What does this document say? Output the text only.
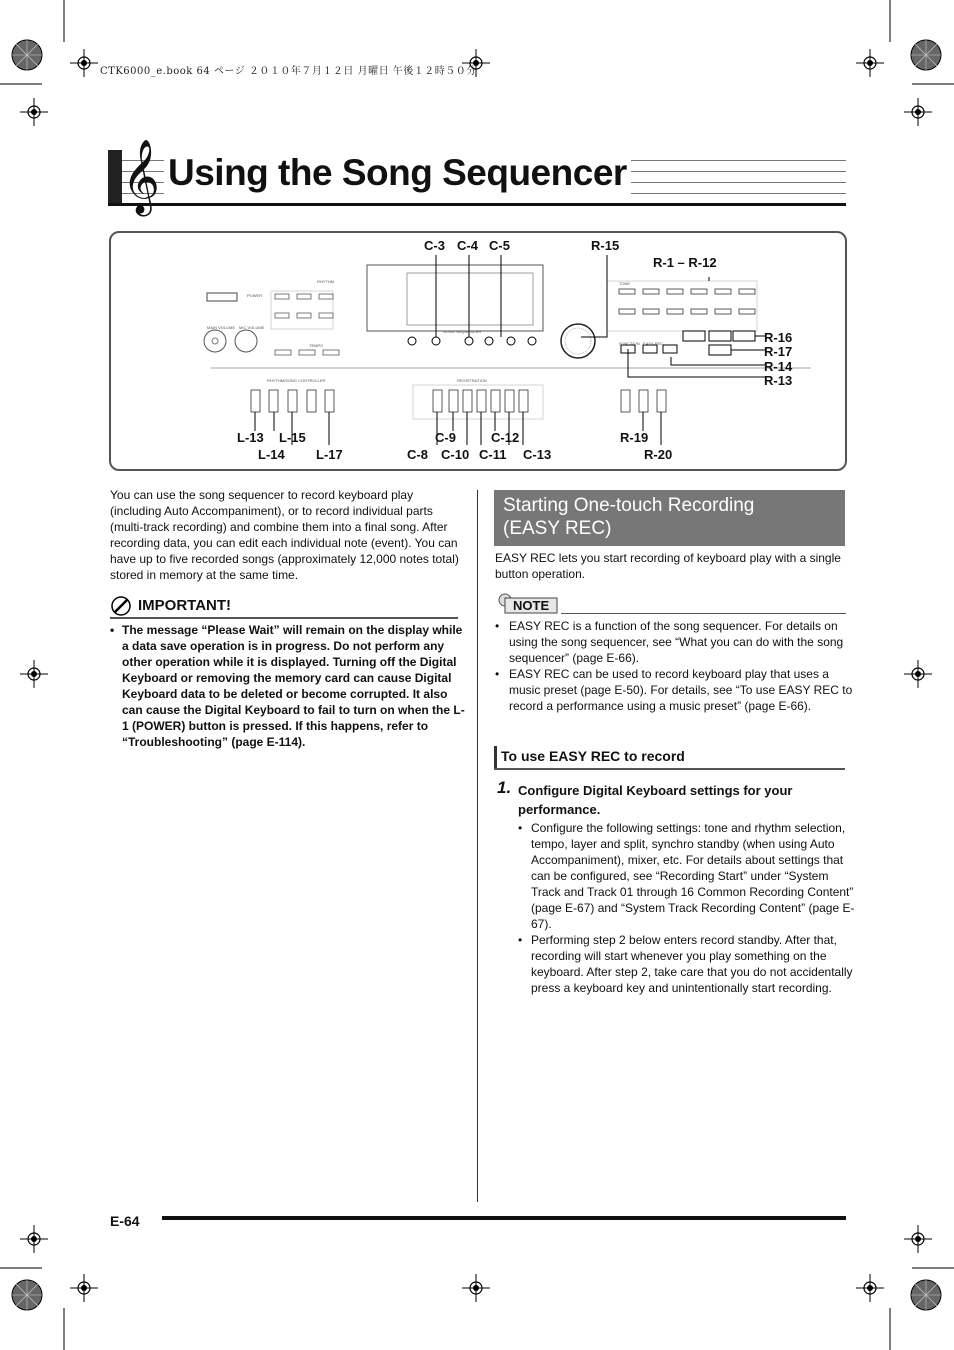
CTK6000_e.book 64 ページ ２０１０年７月１２日 月曜日 午後１２時５０分
𝄞 Using the Song Sequencer
POWER
RHYTHM	TONE
REGISTRATION
RHYTHM/SONG CONTROLLER
TEMPO
MAIN VOLUME MIC VOLUME
SONG SEQUENCER
FUNCTION EASY REC
C-3 C-4 C-5	R-15
R-1 – R-12
R-16
R-17
R-14
R-13
L-13 L-15
L-14 L-17
C-9	C-12
C-8 C-10 C-11 C-13
R-19
R-20
You can use the song sequencer to record keyboard play (including Auto Accompaniment), or to record individual parts (multi-track recording) and combine them into a final song. After recording data, you can edit each individual note (event). You can have up to five recorded songs (approximately 12,000 notes total) stored in memory at the same time.
IMPORTANT!
• The message “Please Wait” will remain on the display while a data save operation is in progress. Do not perform any other operation while it is displayed. Turning off the Digital Keyboard or removing the memory card can cause Digital Keyboard data to be deleted or become corrupted. It also can cause the Digital Keyboard to fail to turn on when the L-1 (POWER) button is pressed. If this happens, refer to “Troubleshooting” (page E-114).
Starting One-touch Recording
(EASY REC)
EASY REC lets you start recording of keyboard play with a single button operation.
NOTE
• EASY REC is a function of the song sequencer. For details on using the song sequencer, see “What you can do with the song sequencer” (page E-66).
• EASY REC can be used to record keyboard play that uses a music preset (page E-50). For details, see “To use EASY REC to record a performance using a music preset” (page E-66).
To use EASY REC to record
1. Configure Digital Keyboard settings for your performance.
• Configure the following settings: tone and rhythm selection, tempo, layer and split, synchro standby (when using Auto Accompaniment), mixer, etc. For details about settings that can be configured, see “Recording Start” under “System Track and Track 01 through 16 Common Recording Content” (page E-67) and “System Track Recording Content” (page E-67).
• Performing step 2 below enters record standby. After that, recording will start whenever you play something on the keyboard. After step 2, take care that you do not accidentally press a keyboard key and unintentionally start recording.
E-64
